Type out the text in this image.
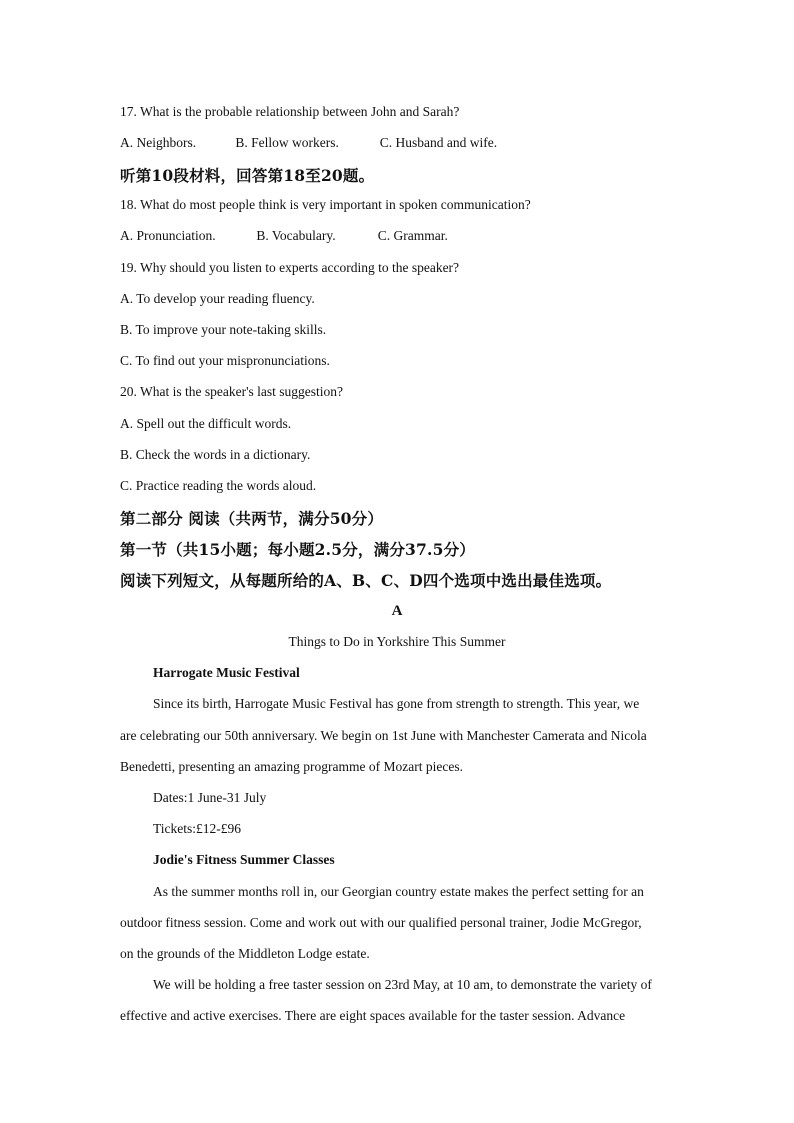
17. What is the probable relationship between John and Sarah?
A. Neighbors.	B. Fellow workers.	C. Husband and wife.
听第10段材料，回答第18至20题。
18. What do most people think is very important in spoken communication?
A. Pronunciation.	B. Vocabulary.	C. Grammar.
19. Why should you listen to experts according to the speaker?
A. To develop your reading fluency.
B. To improve your note-taking skills.
C. To find out your mispronunciations.
20. What is the speaker's last suggestion?
A. Spell out the difficult words.
B. Check the words in a dictionary.
C. Practice reading the words aloud.
第二部分 阅读（共两节，满分50分）
第一节（共15小题；每小题2.5分，满分37.5分）
阅读下列短文，从每题所给的A、B、C、D四个选项中选出最佳选项。
A
Things to Do in Yorkshire This Summer
Harrogate Music Festival
Since its birth, Harrogate Music Festival has gone from strength to strength. This year, we
are celebrating our 50th anniversary. We begin on 1st June with Manchester Camerata and Nicola
Benedetti, presenting an amazing programme of Mozart pieces.
Dates:1 June-31 July
Tickets:£12-£96
Jodie's Fitness Summer Classes
As the summer months roll in, our Georgian country estate makes the perfect setting for an
outdoor fitness session. Come and work out with our qualified personal trainer, Jodie McGregor,
on the grounds of the Middleton Lodge estate.
We will be holding a free taster session on 23rd May, at 10 am, to demonstrate the variety of
effective and active exercises. There are eight spaces available for the taster session. Advance
